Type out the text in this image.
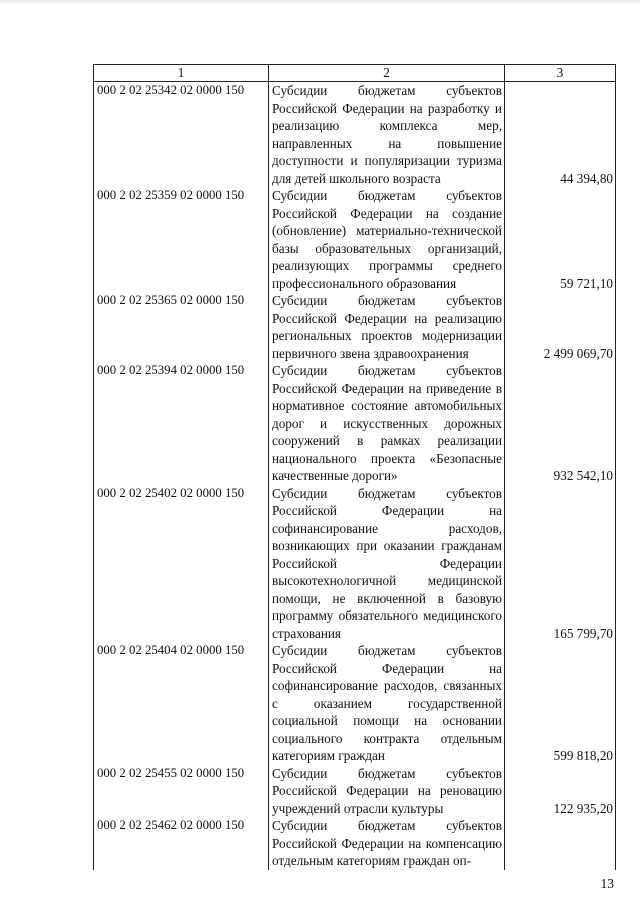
1	2	3
000 2 02 25342 02 0000 150	Субсидии бюджетам субъектов Российской Федерации на разработку и реализацию комплекса мер, направленных на повышение доступности и популяризации туризма для детей школьного возраста	44 394,80
000 2 02 25359 02 0000 150	Субсидии бюджетам субъектов Российской Федерации на создание (обновление) материально-технической базы образовательных организаций, реализующих программы среднего профессионального образования	59 721,10
000 2 02 25365 02 0000 150	Субсидии бюджетам субъектов Российской Федерации на реализацию региональных проектов модернизации первичного звена здравоохранения	2 499 069,70
000 2 02 25394 02 0000 150	Субсидии бюджетам субъектов Российской Федерации на приведение в нормативное состояние автомобильных дорог и искусственных дорожных сооружений в рамках реализации национального проекта «Безопасные качественные дороги»	932 542,10
000 2 02 25402 02 0000 150	Субсидии бюджетам субъектов Российской Федерации на софинансирование расходов, возникающих при оказании гражданам Российской Федерации высокотехнологичной медицинской помощи, не включенной в базовую программу обязательного медицинского страхования	165 799,70
000 2 02 25404 02 0000 150	Субсидии бюджетам субъектов Российской Федерации на софинансирование расходов, связанных с оказанием государственной социальной помощи на основании социального контракта отдельным категориям граждан	599 818,20
000 2 02 25455 02 0000 150	Субсидии бюджетам субъектов Российской Федерации на реновацию учреждений отрасли культуры	122 935,20
000 2 02 25462 02 0000 150	Субсидии бюджетам субъектов Российской Федерации на компенсацию отдельным категориям граждан оп-	
13
